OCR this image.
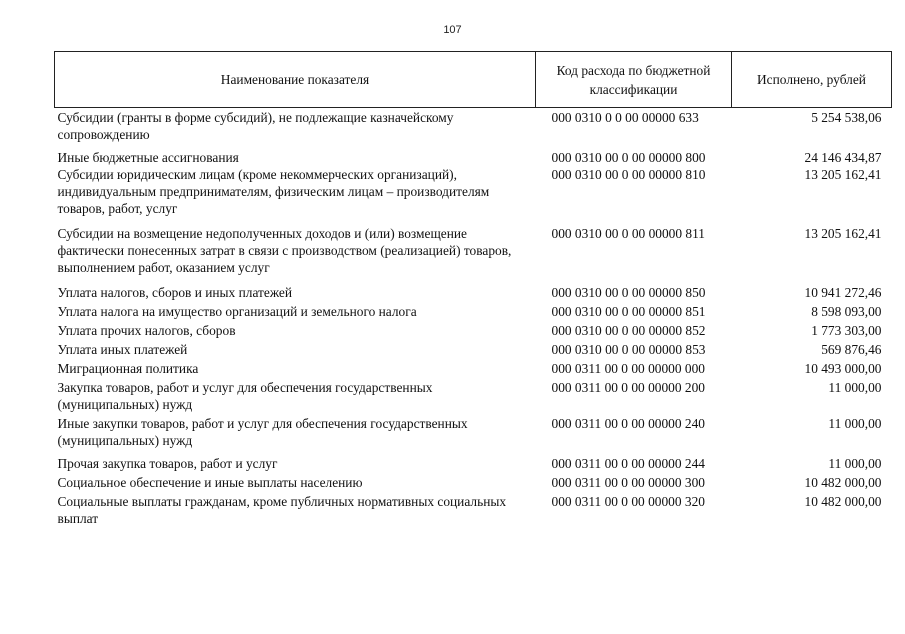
107
Наименование показателя	Код расхода по бюджетной классификации	Исполнено, рублей
Субсидии (гранты в форме субсидий), не подлежащие казначейскому сопровождению	000 0310 0 0 00 00000 633	5 254 538,06
Иные бюджетные ассигнования	000 0310 00 0 00 00000 800	24 146 434,87
Субсидии юридическим лицам (кроме некоммерческих организаций), индивидуальным предпринимателям, физическим лицам – производителям товаров, работ, услуг	000 0310 00 0 00 00000 810	13 205 162,41
Субсидии на возмещение недополученных доходов и (или) возмещение фактически понесенных затрат в связи с производством (реализацией) товаров, выполнением работ, оказанием услуг	000 0310 00 0 00 00000 811	13 205 162,41
Уплата налогов, сборов и иных платежей	000 0310 00 0 00 00000 850	10 941 272,46
Уплата налога на имущество организаций и земельного налога	000 0310 00 0 00 00000 851	8 598 093,00
Уплата прочих налогов, сборов	000 0310 00 0 00 00000 852	1 773 303,00
Уплата иных платежей	000 0310 00 0 00 00000 853	569 876,46
Миграционная политика	000 0311 00 0 00 00000 000	10 493 000,00
Закупка товаров, работ и услуг для обеспечения государственных (муниципальных) нужд	000 0311 00 0 00 00000 200	11 000,00
Иные закупки товаров, работ и услуг для обеспечения государственных (муниципальных) нужд	000 0311 00 0 00 00000 240	11 000,00
Прочая закупка товаров, работ и услуг	000 0311 00 0 00 00000 244	11 000,00
Социальное обеспечение и иные выплаты населению	000 0311 00 0 00 00000 300	10 482 000,00
Социальные выплаты гражданам, кроме публичных нормативных социальных выплат	000 0311 00 0 00 00000 320	10 482 000,00
